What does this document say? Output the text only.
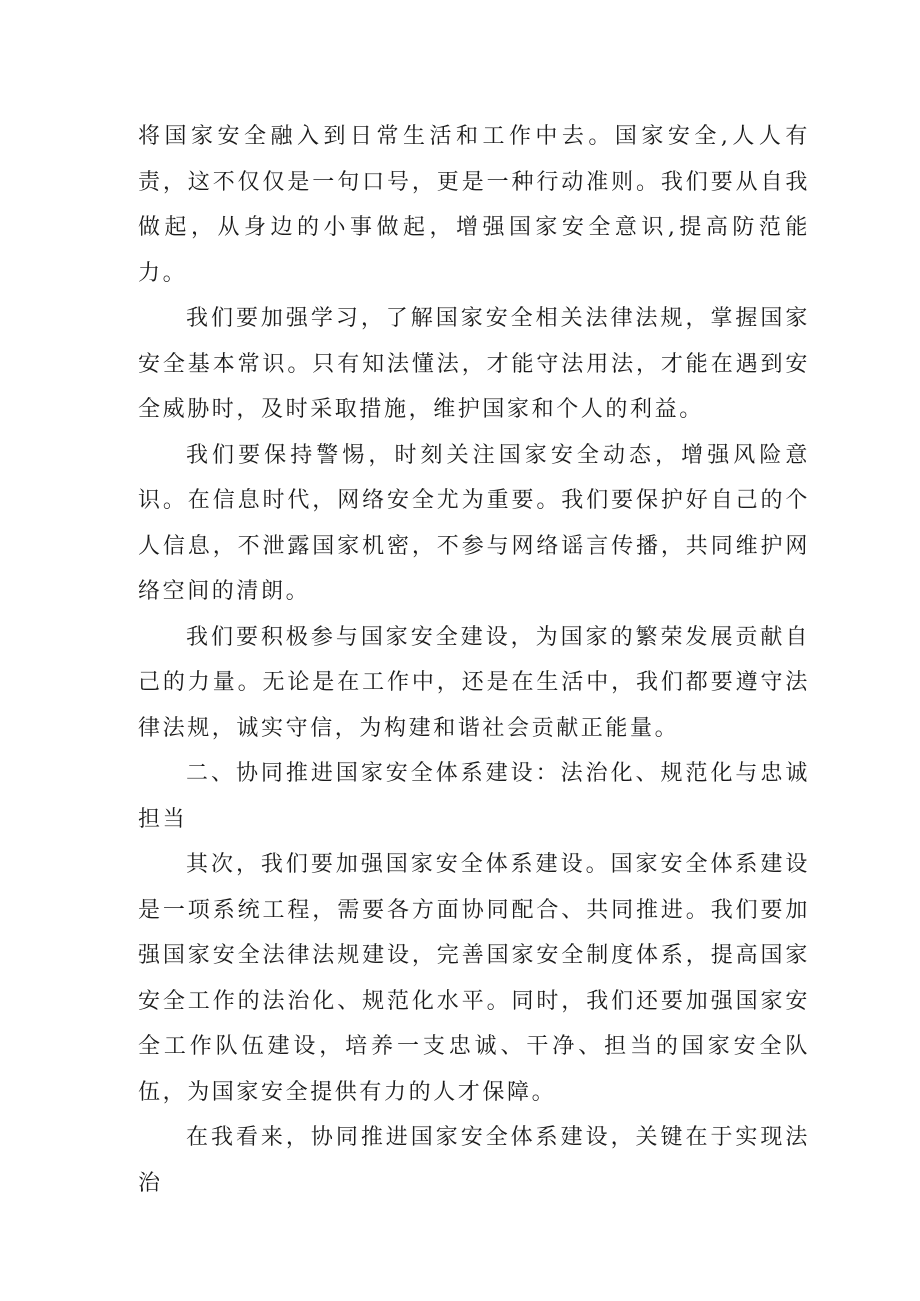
将国家安全融入到日常生活和工作中去。国家安全,人人有责，这不仅仅是一句口号，更是一种行动准则。我们要从自我做起，从身边的小事做起，增强国家安全意识,提高防范能力。

我们要加强学习，了解国家安全相关法律法规，掌握国家安全基本常识。只有知法懂法，才能守法用法，才能在遇到安全威胁时，及时采取措施，维护国家和个人的利益。

我们要保持警惕，时刻关注国家安全动态，增强风险意识。在信息时代，网络安全尤为重要。我们要保护好自己的个人信息，不泄露国家机密，不参与网络谣言传播，共同维护网络空间的清朗。

我们要积极参与国家安全建设，为国家的繁荣发展贡献自己的力量。无论是在工作中，还是在生活中，我们都要遵守法律法规，诚实守信，为构建和谐社会贡献正能量。

二、协同推进国家安全体系建设：法治化、规范化与忠诚担当

其次，我们要加强国家安全体系建设。国家安全体系建设是一项系统工程，需要各方面协同配合、共同推进。我们要加强国家安全法律法规建设，完善国家安全制度体系，提高国家安全工作的法治化、规范化水平。同时，我们还要加强国家安全工作队伍建设，培养一支忠诚、干净、担当的国家安全队伍，为国家安全提供有力的人才保障。

在我看来，协同推进国家安全体系建设，关键在于实现法治
